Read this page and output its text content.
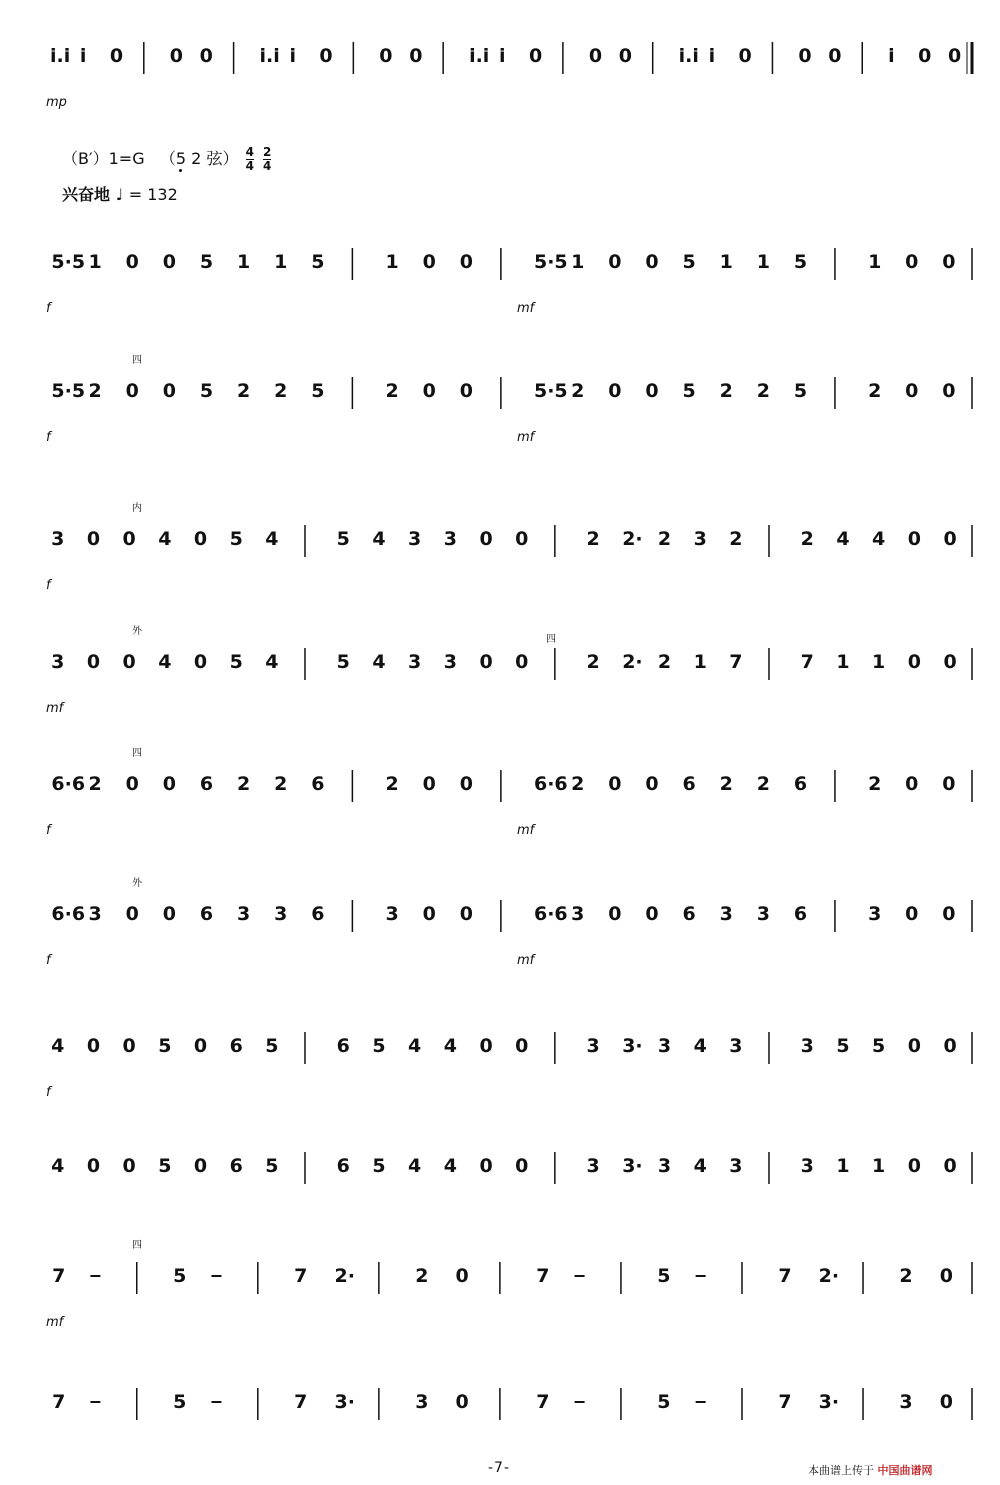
（B′）1=G （5 2 弦） $\frac{4}{4}$
$\frac{2}{4}$
兴奋地 ♩ = 132
i.i i 0 0 0 i.i i 0 0 0 i.i i 0 0 0 i.i i 0 0 0 i 0 0
mp
5·5 1 0 0 5 1 1 5	1 0 0	5·5 1 0 0 5 1 1 5	1 0 0
f	mf
5·5 2 0 0 5 2 2 5	2 0 0	5·5 2 0 0 5 2 2 5	2 0 0
f	mf
四
3 0 0 4 0 5 4	5 4 3 3 0 0	2 2· 2 3 2	2 4 4 0 0
f
内
3 0 0 4 0 5 4	5 4 3 3 0 0	2 2· 2 1 7	7 1 1 0 0
mf
外
四
6·6 2 0 0 6 2 2 6	2 0 0	6·6 2 0 0 6 2 2 6	2 0 0
f	mf
四
6·6 3 0 0 6 3 3 6	3 0 0	6·6 3 0 0 6 3 3 6	3 0 0
f	mf
外
4 0 0 5 0 6 5	6 5 4 4 0 0	3 3· 3 4 3	3 5 5 0 0
f
4 0 0 5 0 6 5	6 5 4 4 0 0	3 3· 3 4 3	3 1 1 0 0
7	5	7 2·	2 0	7	5	7 2·	2 0
mf
四
7	5	7 3·	3 0	7	5	7 3·	3 0
-7-	本曲谱上传于 中国曲谱网
